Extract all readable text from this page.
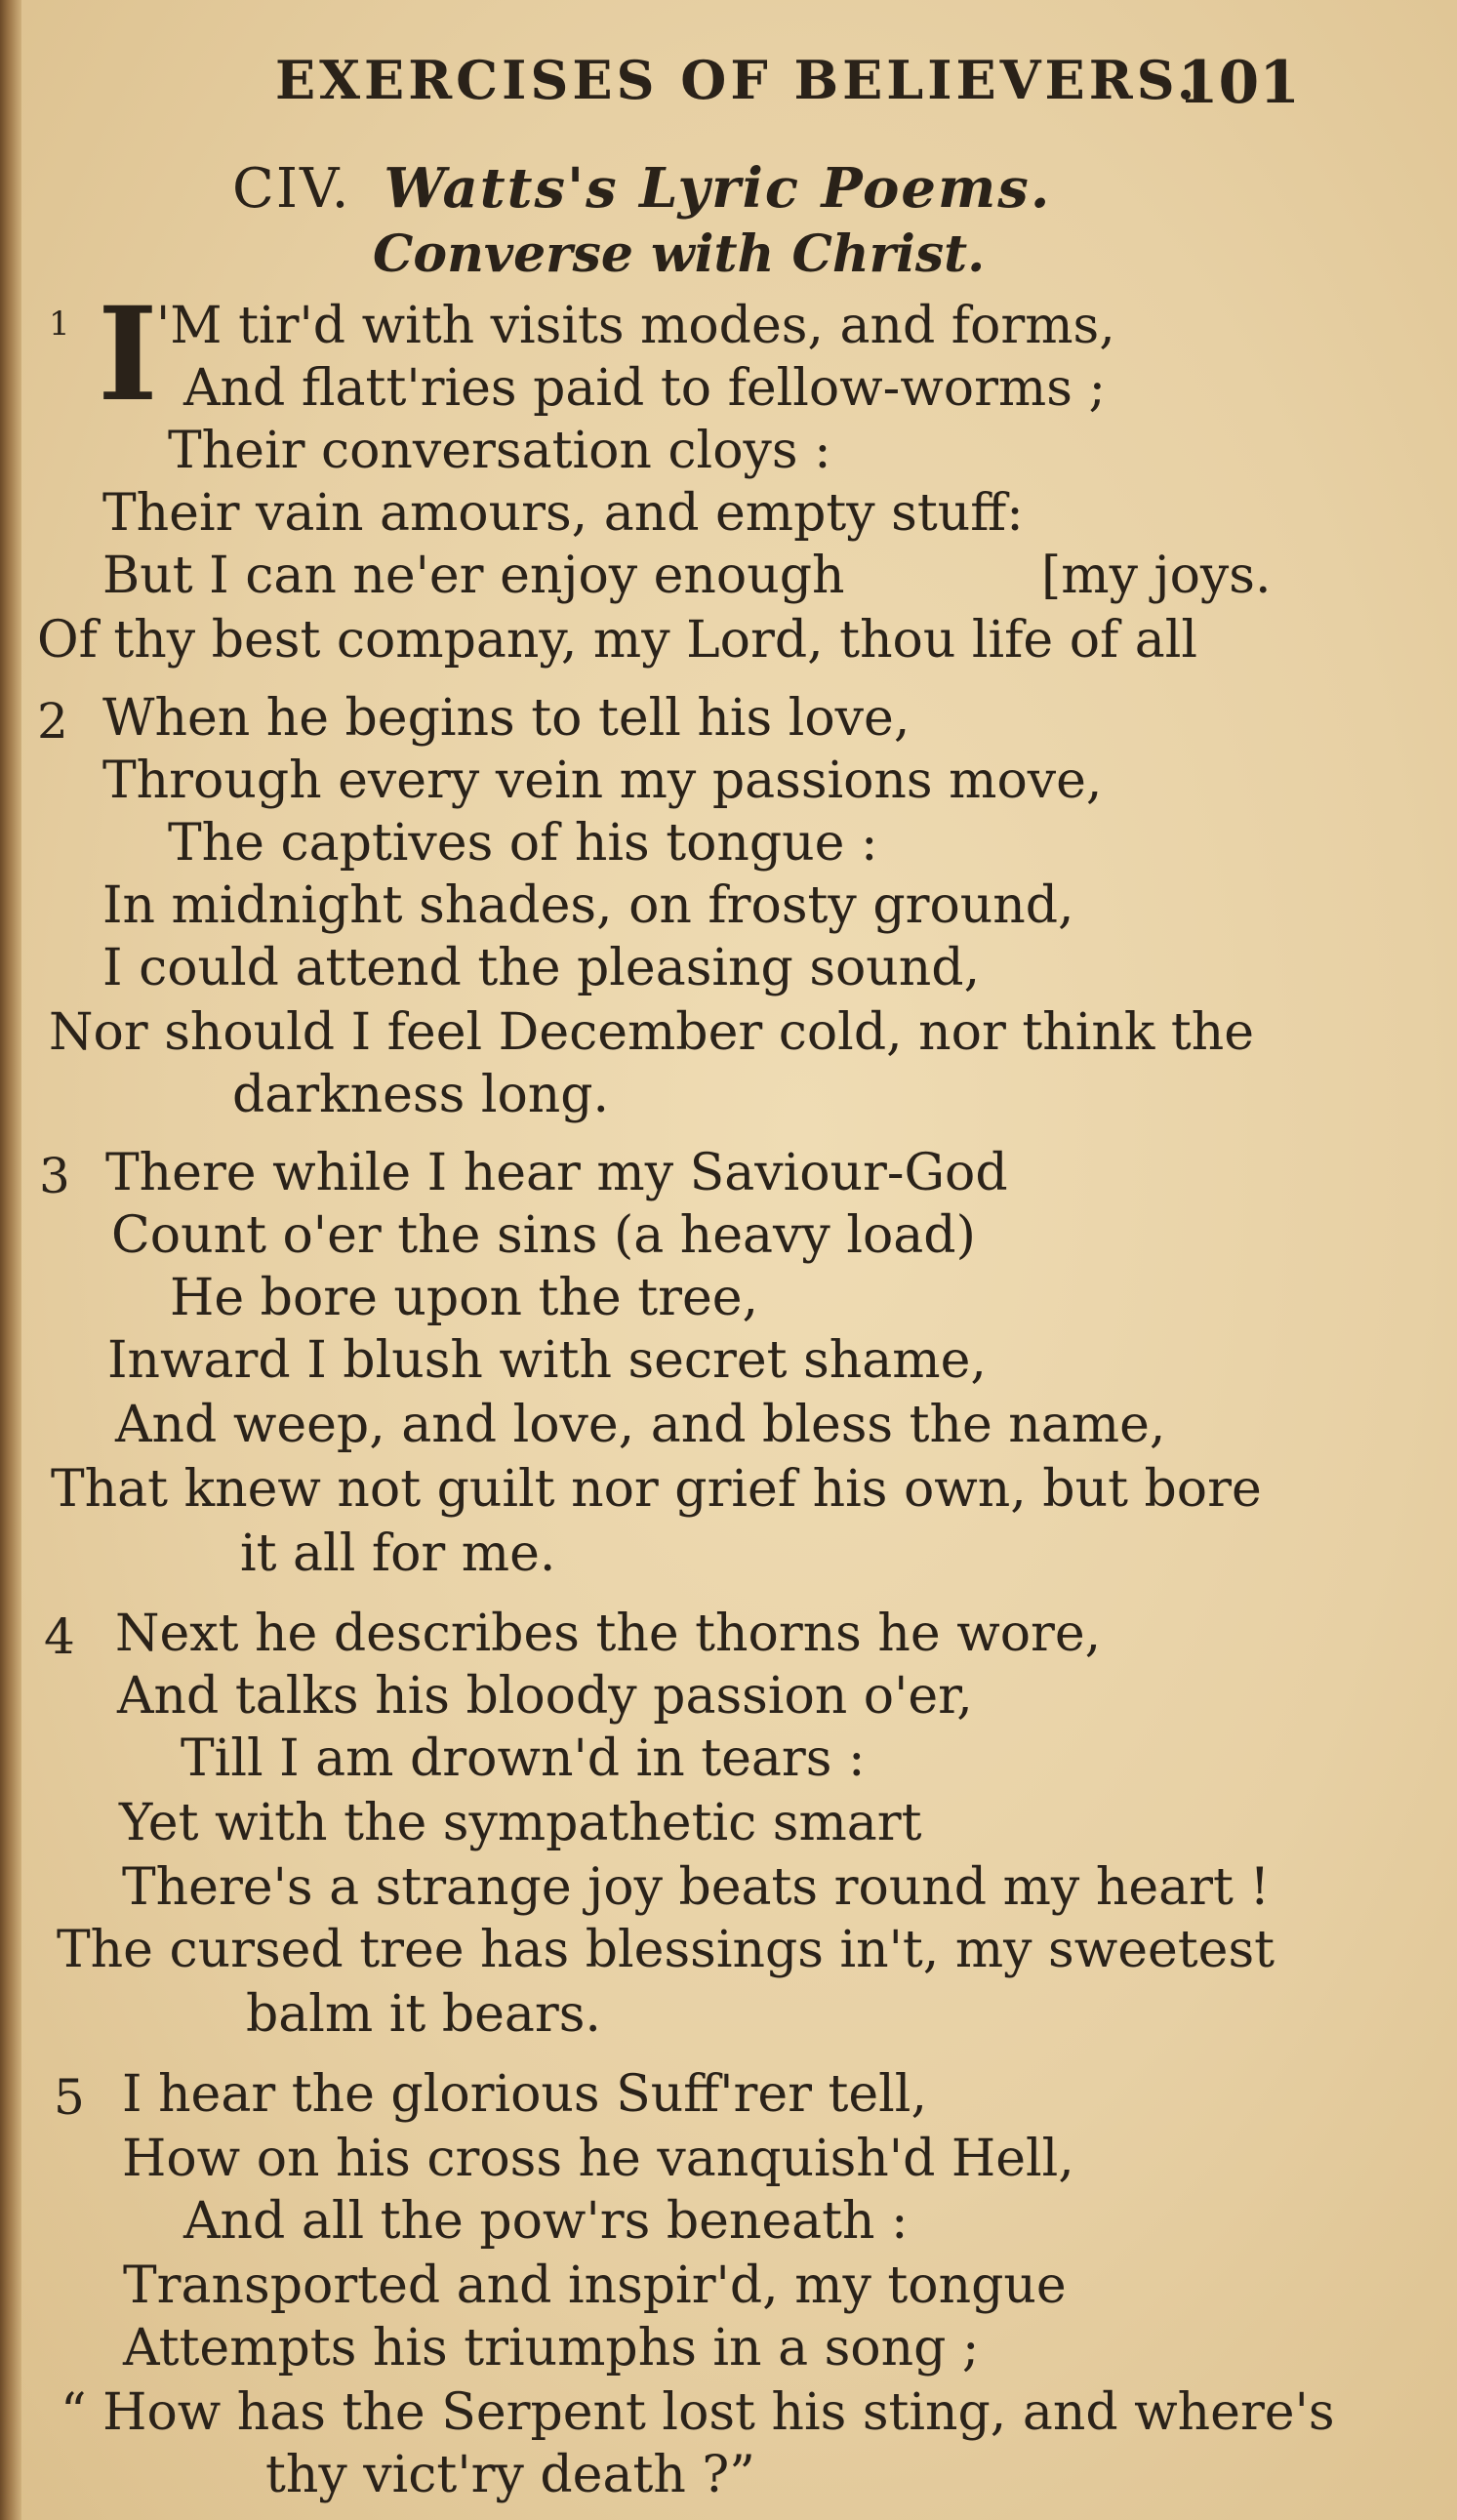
EXERCISES OF BELIEVERS.
101
CIV. Watts's Lyric Poems.
Converse with Christ.
1 I
'M tir'd with visits modes, and forms,
And flatt'ries paid to fellow-worms ;
Their conversation cloys :
Their vain amours, and empty stuff:
But I can ne'er enjoy enough	[my joys.
Of thy best company, my Lord, thou life of all
2 When he begins to tell his love,
Through every vein my passions move,
The captives of his tongue :
In midnight shades, on frosty ground,
I could attend the pleasing sound,
Nor should I feel December cold, nor think the
darkness long.
3 There while I hear my Saviour-God
Count o'er the sins (a heavy load)
He bore upon the tree,
Inward I blush with secret shame,
And weep, and love, and bless the name,
That knew not guilt nor grief his own, but bore
it all for me.
4 Next he describes the thorns he wore,
And talks his bloody passion o'er,
Till I am drown'd in tears :
Yet with the sympathetic smart
There's a strange joy beats round my heart !
The cursed tree has blessings in't, my sweetest
balm it bears.
5 I hear the glorious Suff'rer tell,
How on his cross he vanquish'd Hell,
And all the pow'rs beneath :
Transported and inspir'd, my tongue
Attempts his triumphs in a song ;
“ How has the Serpent lost his sting, and where's
thy vict'ry death ?”
